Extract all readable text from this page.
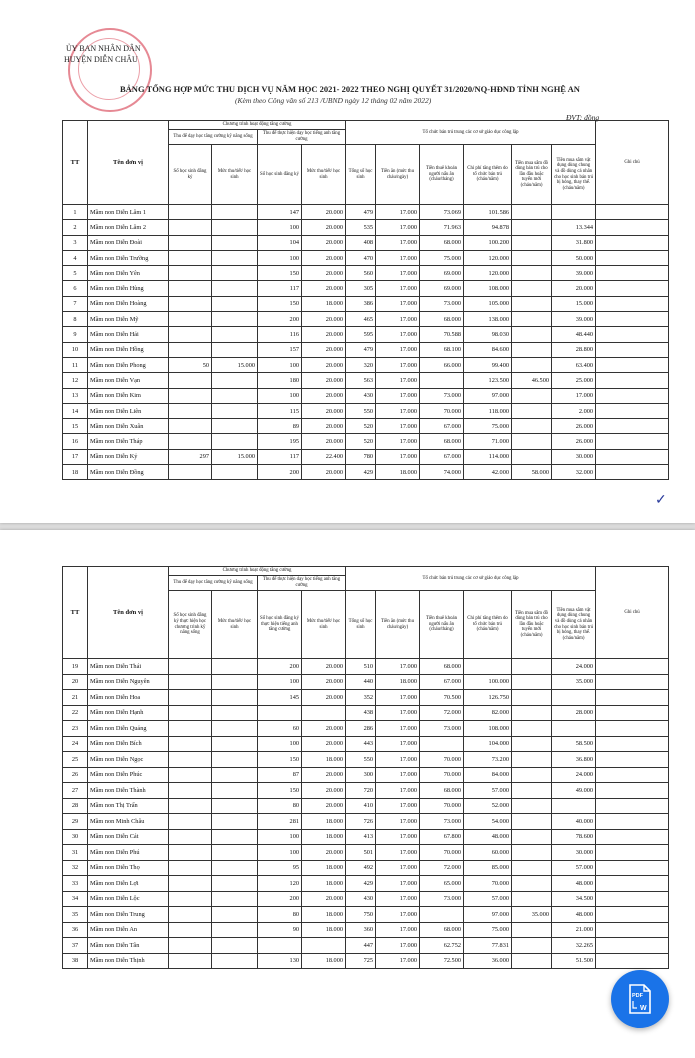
ỦY BAN NHÂN DÂN
HUYỆN DIỄN CHÂU
BẢNG TỔNG HỢP MỨC THU DỊCH VỤ NĂM HỌC 2021- 2022 THEO NGHỊ QUYẾT 31/2020/NQ-HĐND TỈNH NGHỆ AN
(Kèm theo Công văn số 213 /UBND ngày 12 tháng 02 năm 2022)
ĐVT: đồng
✓
TT	Tên đơn vị	Chương trình hoạt động tăng cường				Tổ chức bán trú trung các cơ sở giáo dục công lập						Ghi chú
		Thu để dạy học tăng cường kỹ năng sống		Thu để thực hiện dạy học tiếng anh tăng cường								
		Số học sinh đăng ký	Mức thu/tiết/ học sinh	Số học sinh đăng ký	Mức thu/tiết/ học sinh	Tổng số học sinh	Tiền ăn (mức thu cháu/ngày)	Tiền thuê khoán người nấu ăn (cháu/tháng)	Chi phí tăng thêm do tổ chức bán trú (cháu/năm)	Tiền mua sắm đồ dùng bán trú cho lần đầu hoặc tuyển mới (cháu/năm)	Tiền mua sắm vật dụng dùng chung và đồ dùng cá nhân cho học sinh bán trú bị hỏng, thay thế. (cháu/năm)	
1	Mầm non Diễn Lâm 1			147	20.000	479	17.000	73.069	101.586			
2	Mầm non Diễn Lâm 2			100	20.000	535	17.000	71.963	94.878		13.344	
3	Mầm non Diễn Đoài			104	20.000	408	17.000	68.000	100.200		31.800	
4	Mầm non Diễn Trường			100	20.000	470	17.000	75.000	120.000		50.000	
5	Mầm non Diễn Yên			150	20.000	560	17.000	69.000	120.000		39.000	
6	Mầm non Diễn Hùng			117	20.000	305	17.000	69.000	108.000		20.000	
7	Mầm non Diễn Hoàng			150	18.000	386	17.000	73.000	105.000		15.000	
8	Mầm non Diễn Mỹ			200	20.000	465	17.000	68.000	138.000		39.000	
9	Mầm non Diễn Hải			116	20.000	595	17.000	70.588	98.030		48.440	
10	Mầm non Diễn Hồng			157	20.000	479	17.000	68.100	84.600		28.800	
11	Mầm non Diễn Phong	50	15.000	100	20.000	320	17.000	66.000	99.400		63.400	
12	Mầm non Diễn Vạn			180	20.000	563	17.000		123.500	46.500	25.000	
13	Mầm non Diễn Kim			100	20.000	430	17.000	73.000	97.000		17.000	
14	Mầm non Diễn Liên			115	20.000	550	17.000	70.000	118.000		2.000	
15	Mầm non Diễn Xuân			89	20.000	520	17.000	67.000	75.000		26.000	
16	Mầm non Diễn Tháp			195	20.000	520	17.000	68.000	71.000		26.000	
17	Mầm non Diễn Kỷ	297	15.000	117	22.400	780	17.000	67.000	114.000		30.000	
18	Mầm non Diễn Đồng			200	20.000	429	18.000	74.000	42.000	58.000	32.000	
TT	Tên đơn vị	Chương trình hoạt động tăng cường				Tổ chức bán trú trung các cơ sở giáo dục công lập						Ghi chú
		Thu để dạy học tăng cường kỹ năng sống		Thu để thực hiện dạy học tiếng anh tăng cường								
		Số học sinh đăng ký thực hiện học chương trình kỹ năng sống	Mức thu/tiết/ học sinh	Số học sinh đăng ký thực hiện tiếng anh tăng cường	Mức thu/tiết/ học sinh	Tổng số học sinh	Tiền ăn (mức thu cháu/ngày)	Tiền thuê khoán người nấu ăn (cháu/tháng)	Chi phí tăng thêm do tổ chức bán trú (cháu/năm)	Tiền mua sắm đồ dùng bán trú cho lần đầu hoặc tuyển mới (cháu/năm)	Tiền mua sắm vật dụng dùng chung và đồ dùng cá nhân cho học sinh bán trú bị hỏng, thay thế. (cháu/năm)	
19	Mầm non Diễn Thái			200	20.000	510	17.000	68.000			24.000	
20	Mầm non Diễn Nguyên			100	20.000	440	18.000	67.000	100.000		35.000	
21	Mầm non Diễn Hoa			145	20.000	352	17.000	70.500	126.750			
22	Mầm non Diễn Hạnh					438	17.000	72.000	82.000		28.000	
23	Mầm non Diễn Quảng			60	20.000	286	17.000	73.000	108.000			
24	Mầm non Diễn Bích			100	20.000	443	17.000		104.000		58.500	
25	Mầm non Diễn Ngọc			150	18.000	550	17.000	70.000	73.200		36.800	
26	Mầm non Diễn Phúc			87	20.000	300	17.000	70.000	84.000		24.000	
27	Mầm non Diễn Thành			150	20.000	720	17.000	68.000	57.000		49.000	
28	Mầm non Thị Trấn			80	20.000	410	17.000	70.000	52.000			
29	Mầm non Minh Châu			281	18.000	726	17.000	73.000	54.000		40.000	
30	Mầm non Diễn Cát			100	18.000	413	17.000	67.800	48.000		78.600	
31	Mầm non Diễn Phú			100	20.000	501	17.000	70.000	60.000		30.000	
32	Mầm non Diễn Thọ			95	18.000	492	17.000	72.000	85.000		57.000	
33	Mầm non Diễn Lợi			120	18.000	429	17.000	65.000	70.000		48.000	
34	Mầm non Diễn Lộc			200	20.000	430	17.000	73.000	57.000		34.500	
35	Mầm non Diễn Trung			80	18.000	750	17.000		97.000	35.000	48.000	
36	Mầm non Diễn An			90	18.000	360	17.000	68.000	75.000		21.000	
37	Mầm non Diễn Tân					447	17.000	62.752	77.831		32.265	
38	Mầm non Diễn Thịnh			130	18.000	725	17.000	72.500	36.000		51.500	
PDF
W
